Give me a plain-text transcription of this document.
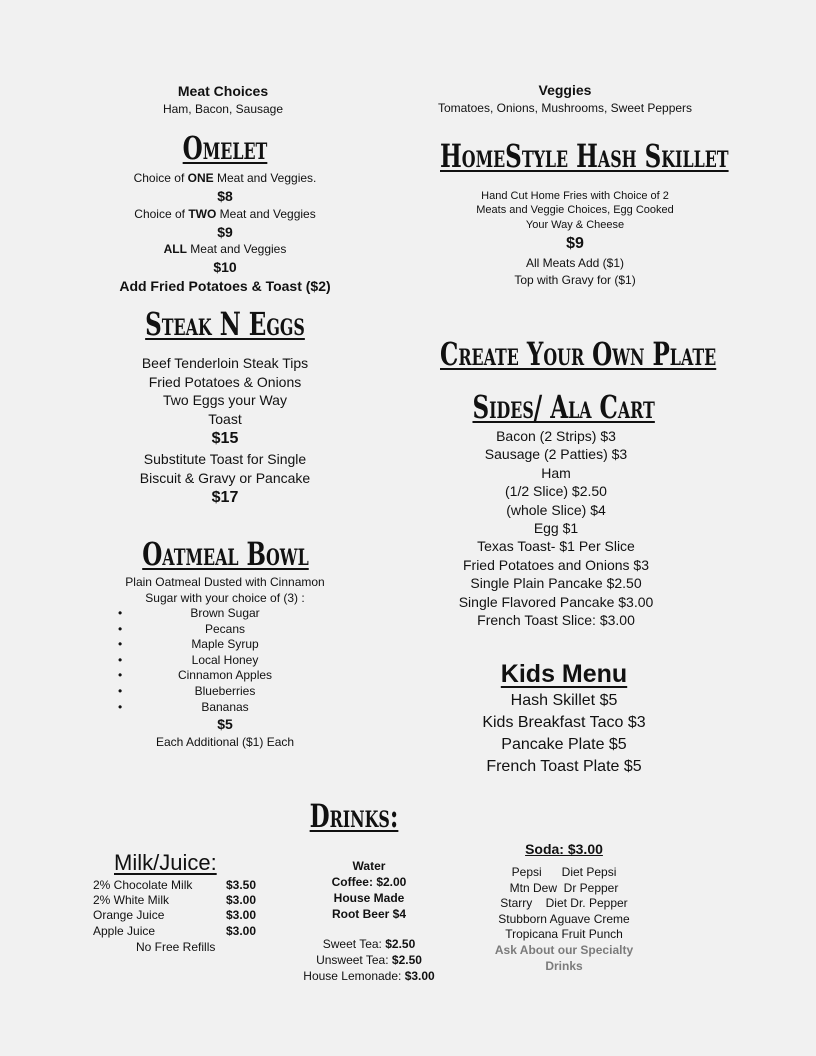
Meat Choices
Ham, Bacon, Sausage
Veggies
Tomatoes, Onions, Mushrooms, Sweet Peppers
Omelet
Choice of ONE Meat and Veggies.
$8
Choice of TWO Meat and Veggies
$9
ALL Meat and Veggies
$10
Add Fried Potatoes & Toast ($2)
HomeStyle Hash Skillet
Hand Cut Home Fries with Choice of 2
Meats and Veggie Choices, Egg Cooked
Your Way & Cheese
$9
All Meats Add ($1)
Top with Gravy for ($1)
Steak N Eggs
Beef Tenderloin Steak Tips
Fried Potatoes & Onions
Two Eggs your Way
Toast
$15
Substitute Toast for Single
Biscuit & Gravy or Pancake
$17
Create Your Own Plate
Sides/ Ala Cart
Bacon (2 Strips) $3
Sausage (2 Patties) $3
Ham
(1/2 Slice) $2.50
(whole Slice) $4
Egg $1
Texas Toast- $1 Per Slice
Fried Potatoes and Onions $3
Single Plain Pancake $2.50
Single Flavored Pancake $3.00
French Toast Slice: $3.00
Oatmeal Bowl
Plain Oatmeal Dusted with Cinnamon
Sugar with your choice of (3) :
• Brown Sugar
• Pecans
• Maple Syrup
• Local Honey
• Cinnamon Apples
• Blueberries
• Bananas
$5
Each Additional ($1) Each
Kids Menu
Hash Skillet $5
Kids Breakfast Taco $3
Pancake Plate $5
French Toast Plate $5
Drinks:
Milk/Juice:
2% Chocolate Milk	$3.50
2% White Milk	$3.00
Orange Juice	$3.00
Apple Juice	$3.00
No Free Refills
Water
Coffee: $2.00
House Made
Root Beer $4
Sweet Tea: $2.50
Unsweet Tea: $2.50
House Lemonade: $3.00
Soda: $3.00
Pepsi      Diet Pepsi
Mtn Dew  Dr Pepper
Starry    Diet Dr. Pepper
Stubborn Aguave Creme
Tropicana Fruit Punch
Ask About our Specialty
Drinks
